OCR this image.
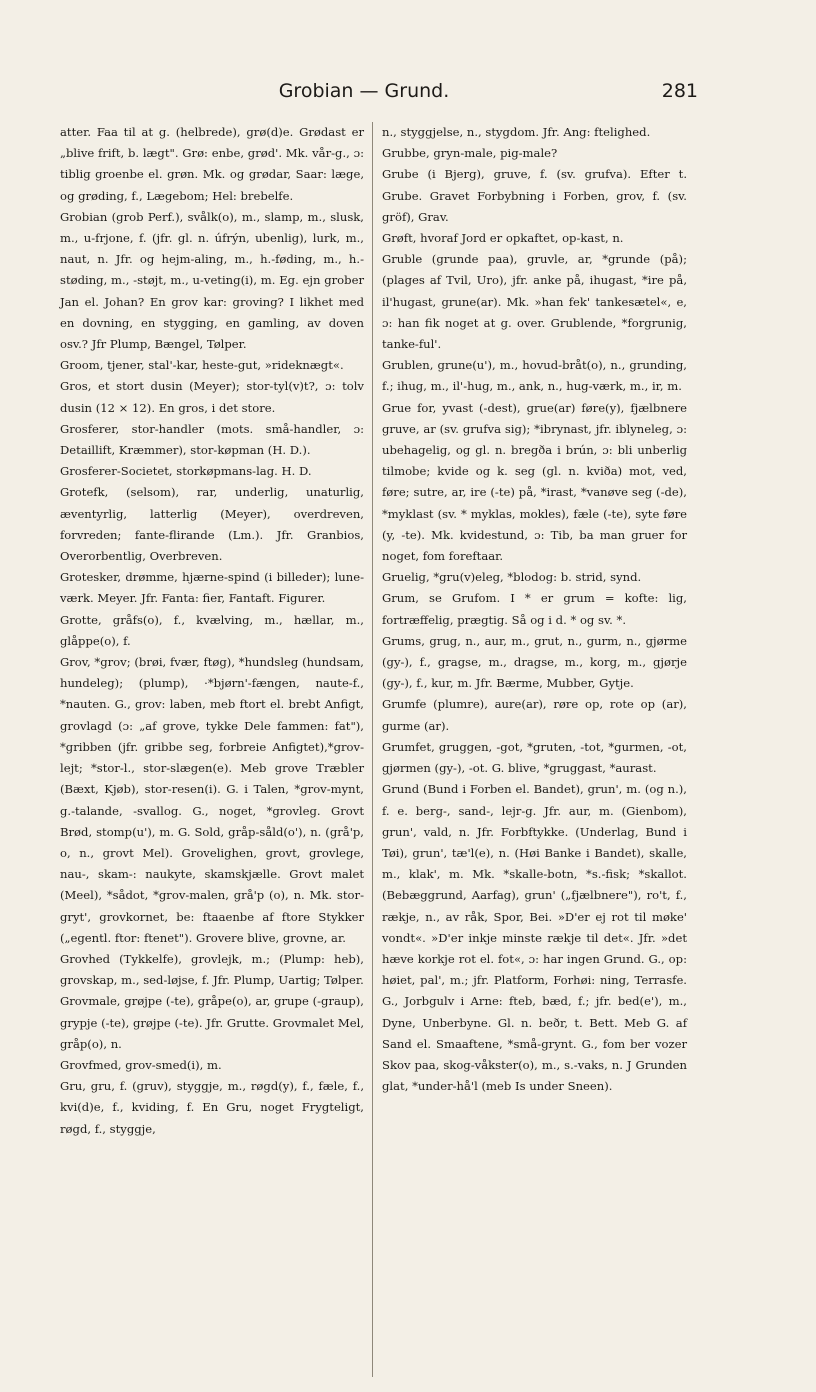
Grobian — Grund.	281

atter. Faa til at g. (helbrede), grø(d)e. Grødast er „blive frift, b. lægt". Grø: enbe, grød'. Mk. vår-g., ɔ: tiblig groenbe el. grøn. Mk. og grødar, Saar: læge, og grøding, f., Lægebom; Hel: brebelfe.

Grobian (grob Perf.), svålk(o), m., slamp, m., slusk, m., u-frjone, f. (jfr. gl. n. úfrýn, ubenlig), lurk, m., naut, n. Jfr. og hejm-aling, m., h.-føding, m., h.-støding, m., -støjt, m., u-veting(i), m. Eg. ejn grober Jan el. Johan? En grov kar: groving? I likhet med en dovning, en stygging, en gamling, av doven osv.? Jfr Plump, Bængel, Tølper.

Groom, tjener, stal'-kar, heste-gut, »rideknægt«.

Gros, et stort dusin (Meyer); stor-tyl(v)t?, ɔ: tolv dusin (12 × 12). En gros, i det store.

Grosferer, stor-handler (mots. små-handler, ɔ: Detaillift, Kræmmer), stor-køpman (H. D.).

Grosferer-Societet, storkøpmans-lag. H. D.

Grotefk, (selsom), rar, underlig, unaturlig, æventyrlig, latterlig (Meyer), overdreven, forvreden; fante-flirande (Lm.). Jfr. Granbios, Overorbentlig, Overbreven.

Grotesker, drømme, hjærne-spind (i billeder); lune-værk. Meyer. Jfr. Fanta: fier, Fantaft. Figurer.

Grotte, gråfs(o), f., kvælving, m., hællar, m., glåppe(o), f.

Grov, *grov; (brøi, fvær, ftøg), *hundsleg (hundsam, hundeleg); (plump), ·*bjørn'-fængen, naute-f., *nauten. G., grov: laben, meb ftort el. brebt Anfigt, grovlagd (ɔ: „af grove, tykke Dele fammen: fat"), *gribben (jfr. gribbe seg, forbreie Anfigtet),*grov-lejt; *stor-l., stor-slægen(e). Meb grove Træbler (Bæxt, Kjøb), stor-resen(i). G. i Talen, *grov-mynt, g.-talande, -svallog. G., noget, *grovleg. Grovt Brød, stomp(u'), m. G. Sold, gråp-såld(o'), n. (grå'p, o, n., grovt Mel). Grovelighen, grovt, grovlege, nau-, skam-: naukyte, skamskjælle. Grovt malet (Meel), *sådot, *grov-malen, grå'p (o), n. Mk. stor-gryt', grovkornet, be: ftaaenbe af ftore Stykker („egentl. ftor: ftenet"). Grovere blive, grovne, ar.

Grovhed (Tykkelfe), grovlejk, m.; (Plump: heb), grovskap, m., sed-løjse, f. Jfr. Plump, Uartig; Tølper.

Grovmale, grøjpe (-te), gråpe(o), ar, grupe (-graup), grypje (-te), grøjpe (-te). Jfr. Grutte. Grovmalet Mel, gråp(o), n.

Grovfmed, grov-smed(i), m.

Gru, gru, f. (gruv), styggje, m., røgd(y), f., fæle, f., kvi(d)e, f., kviding, f. En Gru, noget Frygteligt, røgd, f., styggje,

n., styggjelse, n., stygdom. Jfr. Ang: ftelighed.

Grubbe, gryn-male, pig-male?

Grube (i Bjerg), gruve, f. (sv. grufva). Efter t. Grube. Gravet Forbybning i Forben, grov, f. (sv. gröf), Grav.

Grøft, hvoraf Jord er opkaftet, op-kast, n.

Gruble (grunde paa), gruvle, ar, *grunde (på); (plages af Tvil, Uro), jfr. anke på, ihugast, *ire på, il'hugast, grune(ar). Mk. »han fek' tankesætel«, e, ɔ: han fik noget at g. over. Grublende, *forgrunig, tanke-ful'.

Grublen, grune(u'), m., hovud-bråt(o), n., grunding, f.; ihug, m., il'-hug, m., ank, n., hug-værk, m., ir, m.

Grue for, yvast (-dest), grue(ar) føre(y), fjælbnere gruve, ar (sv. grufva sig); *ibrynast, jfr. iblyneleg, ɔ: ubehagelig, og gl. n. bregða i brún, ɔ: bli unberlig tilmobe; kvide og k. seg (gl. n. kviða) mot, ved, føre; sutre, ar, ire (-te) på, *irast, *vanøve seg (-de), *myklast (sv. * myklas, mokles), fæle (-te), syte føre (y, -te). Mk. kvidestund, ɔ: Tib, ba man gruer for noget, fom foreftaar.

Gruelig, *gru(v)eleg, *blodog: b. strid, synd.

Grum, se Grufom. I * er grum = kofte: lig, fortræffelig, prægtig. Så og i d. * og sv. *.

Grums, grug, n., aur, m., grut, n., gurm, n., gjørme (gy-), f., gragse, m., dragse, m., korg, m., gjørje (gy-), f., kur, m. Jfr. Bærme, Mubber, Gytje.

Grumfe (plumre), aure(ar), røre op, rote op (ar), gurme (ar).

Grumfet, gruggen, -got, *gruten, -tot, *gurmen, -ot, gjørmen (gy-), -ot. G. blive, *gruggast, *aurast.

Grund (Bund i Forben el. Bandet), grun', m. (og n.), f. e. berg-, sand-, lejr-g. Jfr. aur, m. (Gienbom), grun', vald, n. Jfr. Forbftykke. (Underlag, Bund i Tøi), grun', tæ'l(e), n. (Høi Banke i Bandet), skalle, m., klak', m. Mk. *skalle-botn, *s.-fisk; *skallot. (Bebæggrund, Aarfag), grun' („fjælbnere"), ro't, f., rækje, n., av råk, Spor, Bei. »D'er ej rot til møke' vondt«. »D'er inkje minste rækje til det«. Jfr. »det hæve korkje rot el. fot«, ɔ: har ingen Grund. G., op: høiet, pal', m.; jfr. Platform, Forhøi: ning, Terrasfe. G., Jorbgulv i Arne: fteb, bæd, f.; jfr. bed(e'), m., Dyne, Unberbyne. Gl. n. beðr, t. Bett. Meb G. af Sand el. Smaaftene, *små-grynt. G., fom ber vozer Skov paa, skog-våkster(o), m., s.-vaks, n. J Grunden glat, *under-hå'l (meb Is under Sneen).
